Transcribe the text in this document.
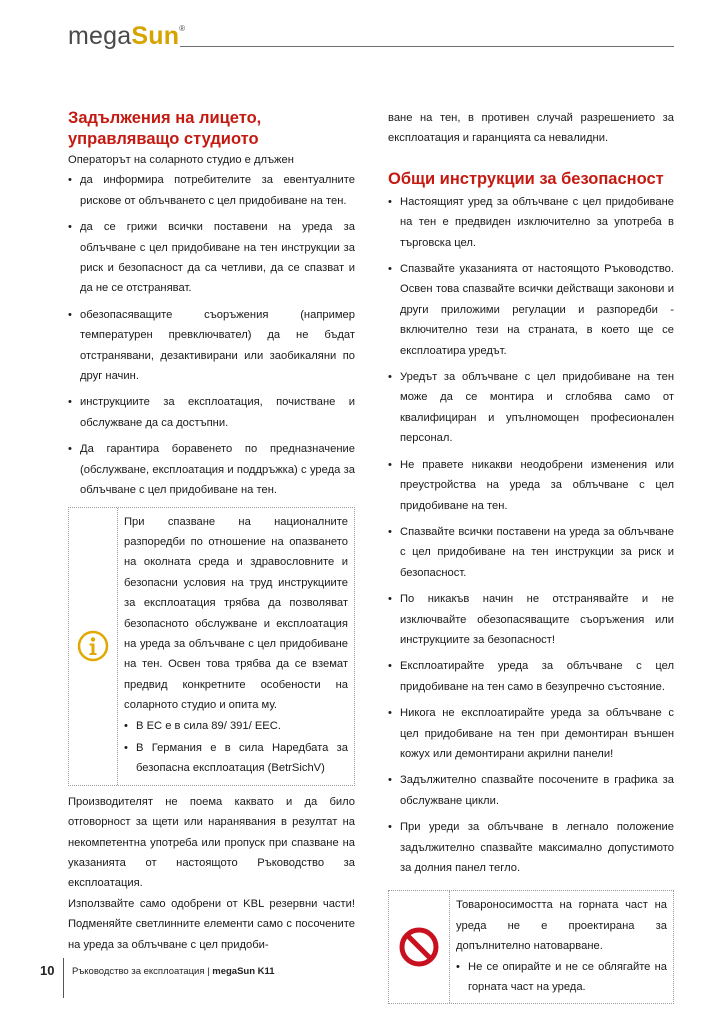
megaSun®
Задължения на лицето, управляващо студиото

Операторът на соларното студио е длъжен

• да информира потребителите за евентуалните рискове от облъчването с цел придобиване на тен.
• да се грижи всички поставени на уреда за облъчване с цел придобиване на тен инструкции за риск и безопасност да са четливи, да се спазват и да не се отстраняват.
• обезопасяващите съоръжения (например температурен превключвател) да не бъдат отстранявани, дезактивирани или заобикаляни по друг начин.
• инструкциите за експлоатация, почистване и обслужване да са достъпни.
• Да гарантира боравенето по предназначение (обслужване, експлоатация и поддръжка) с уреда за облъчване с цел придобиване на тен.

При спазване на националните разпоредби по отношение на опазването на околната среда и здравословните и безопасни условия на труд инструкциите за експлоатация трябва да позволяват безопасното обслужване и експлоатация на уреда за облъчване с цел придобиване на тен. Освен това трябва да се вземат предвид конкретните особености на соларното студио и опита му.

• В ЕС е в сила 89/ 391/ EEC.
• В Германия е в сила Наредбата за безопасна експлоатация (BetrSichV)

Производителят не поема каквато и да било отговорност за щети или наранявания в резултат на некомпетентна употреба или пропуск при спазване на указанията от настоящото Ръководство за експлоатация.

Използвайте само одобрени от KBL резервни части! Подменяйте светлинните елементи само с посочените на уреда за облъчване с цел придоби-

ване на тен, в противен случай разрешението за експлоатация и гаранцията са невалидни.

Общи инструкции за безопасност
• Настоящият уред за облъчване с цел придобиване на тен е предвиден изключително за употреба в търговска цел.
• Спазвайте указанията от настоящото Ръководство. Освен това спазвайте всички действащи законови и други приложими регулации и разпоредби - включително тези на страната, в което ще се експлоатира уредът.
• Уредът за облъчване с цел придобиване на тен може да се монтира и сглобява само от квалифициран и упълномощен професионален персонал.
• Не правете никакви неодобрени изменения или преустройства на уреда за облъчване с цел придобиване на тен.
• Спазвайте всички поставени на уреда за облъчване с цел придобиване на тен инструкции за риск и безопасност.
• По никакъв начин не отстранявайте и не изключвайте обезопасяващите съоръжения или инструкциите за безопасност!
• Експлоатирайте уреда за облъчване с цел придобиване на тен само в безупречно състояние.
• Никога не експлоатирайте уреда за облъчване с цел придобиване на тен при демонтиран външен кожух или демонтирани акрилни панели!
• Задължително спазвайте посочените в графика за обслужване цикли.
• При уреди за облъчване в легнало положение задължително спазвайте максимално допустимото за долния панел тегло.

Товароносимостта на горната част на уреда не е проектирана за допълнително натоварване.

• Не се опирайте и не се облягайте на горната част на уреда.
10 Ръководство за експлоатация | megaSun K11
